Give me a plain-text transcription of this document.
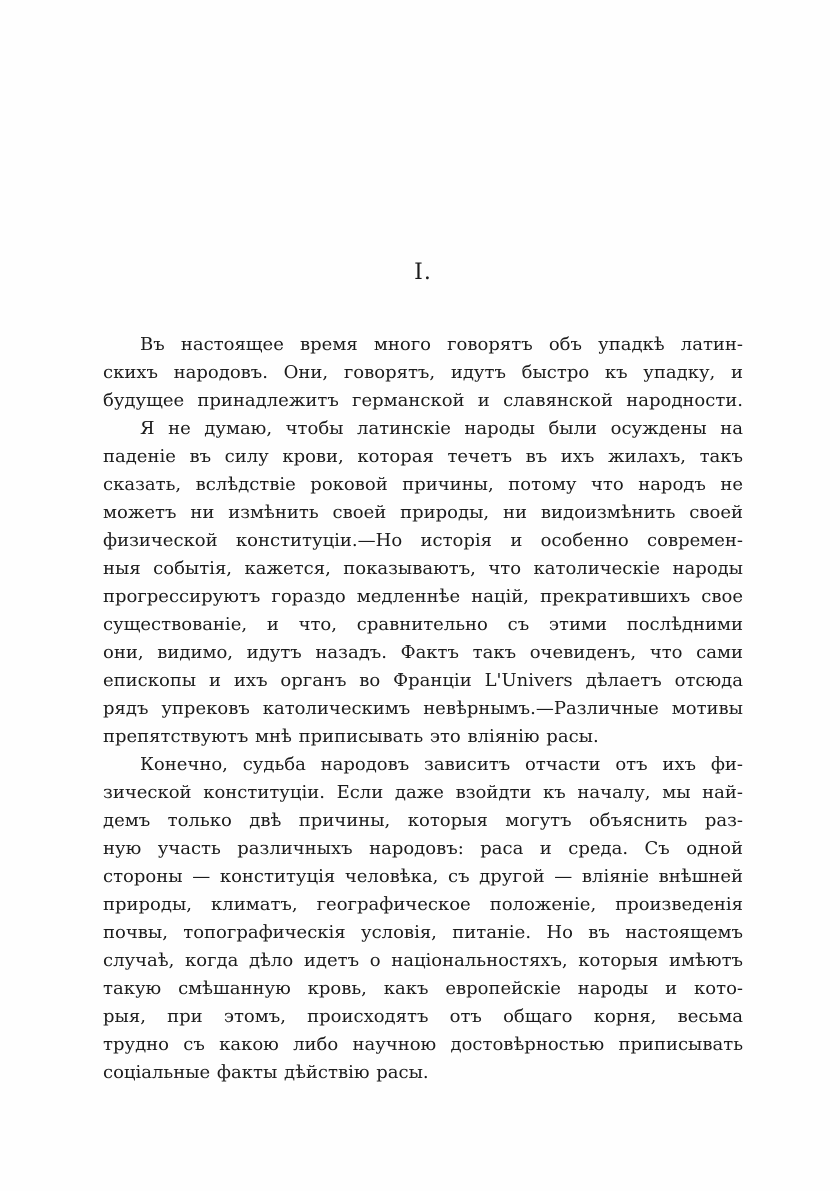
I.
Въ настоящее время много говорятъ объ упадкѣ латин-
скихъ народовъ. Они, говорятъ, идутъ быстро къ упадку, и
будущее принадлежитъ германской и славянской народности.
Я не думаю, чтобы латинскіе народы были осуждены на
паденіе въ силу крови, которая течетъ въ ихъ жилахъ, такъ
сказать, вслѣдствіе роковой причины, потому что народъ не
можетъ ни измѣнить своей природы, ни видоизмѣнить своей
физической конституціи.—Но исторія и особенно современ-
ныя событія, кажется, показываютъ, что католическіе народы
прогрессируютъ гораздо медленнѣе націй, прекратившихъ свое
существованіе, и что, сравнительно съ этими послѣдними
они, видимо, идутъ назадъ. Фактъ такъ очевиденъ, что сами
епископы и ихъ органъ во Франціи L'Univers дѣлаетъ отсюда
рядъ упрековъ католическимъ невѣрнымъ.—Различные мотивы
препятствуютъ мнѣ приписывать это вліянію расы.
Конечно, судьба народовъ зависитъ отчасти отъ ихъ фи-
зической конституціи. Если даже взойдти къ началу, мы най-
демъ только двѣ причины, которыя могутъ объяснить раз-
ную участь различныхъ народовъ: раса и среда. Съ одной
стороны — конституція человѣка, съ другой — вліяніе внѣшней
природы, климатъ, географическое положеніе, произведенія
почвы, топографическія условія, питаніе. Но въ настоящемъ
случаѣ, когда дѣло идетъ о національностяхъ, которыя имѣютъ
такую смѣшанную кровь, какъ европейскіе народы и кото-
рыя, при этомъ, происходятъ отъ общаго корня, весьма
трудно съ какою либо научною достовѣрностью приписывать
соціальные факты дѣйствію расы.
